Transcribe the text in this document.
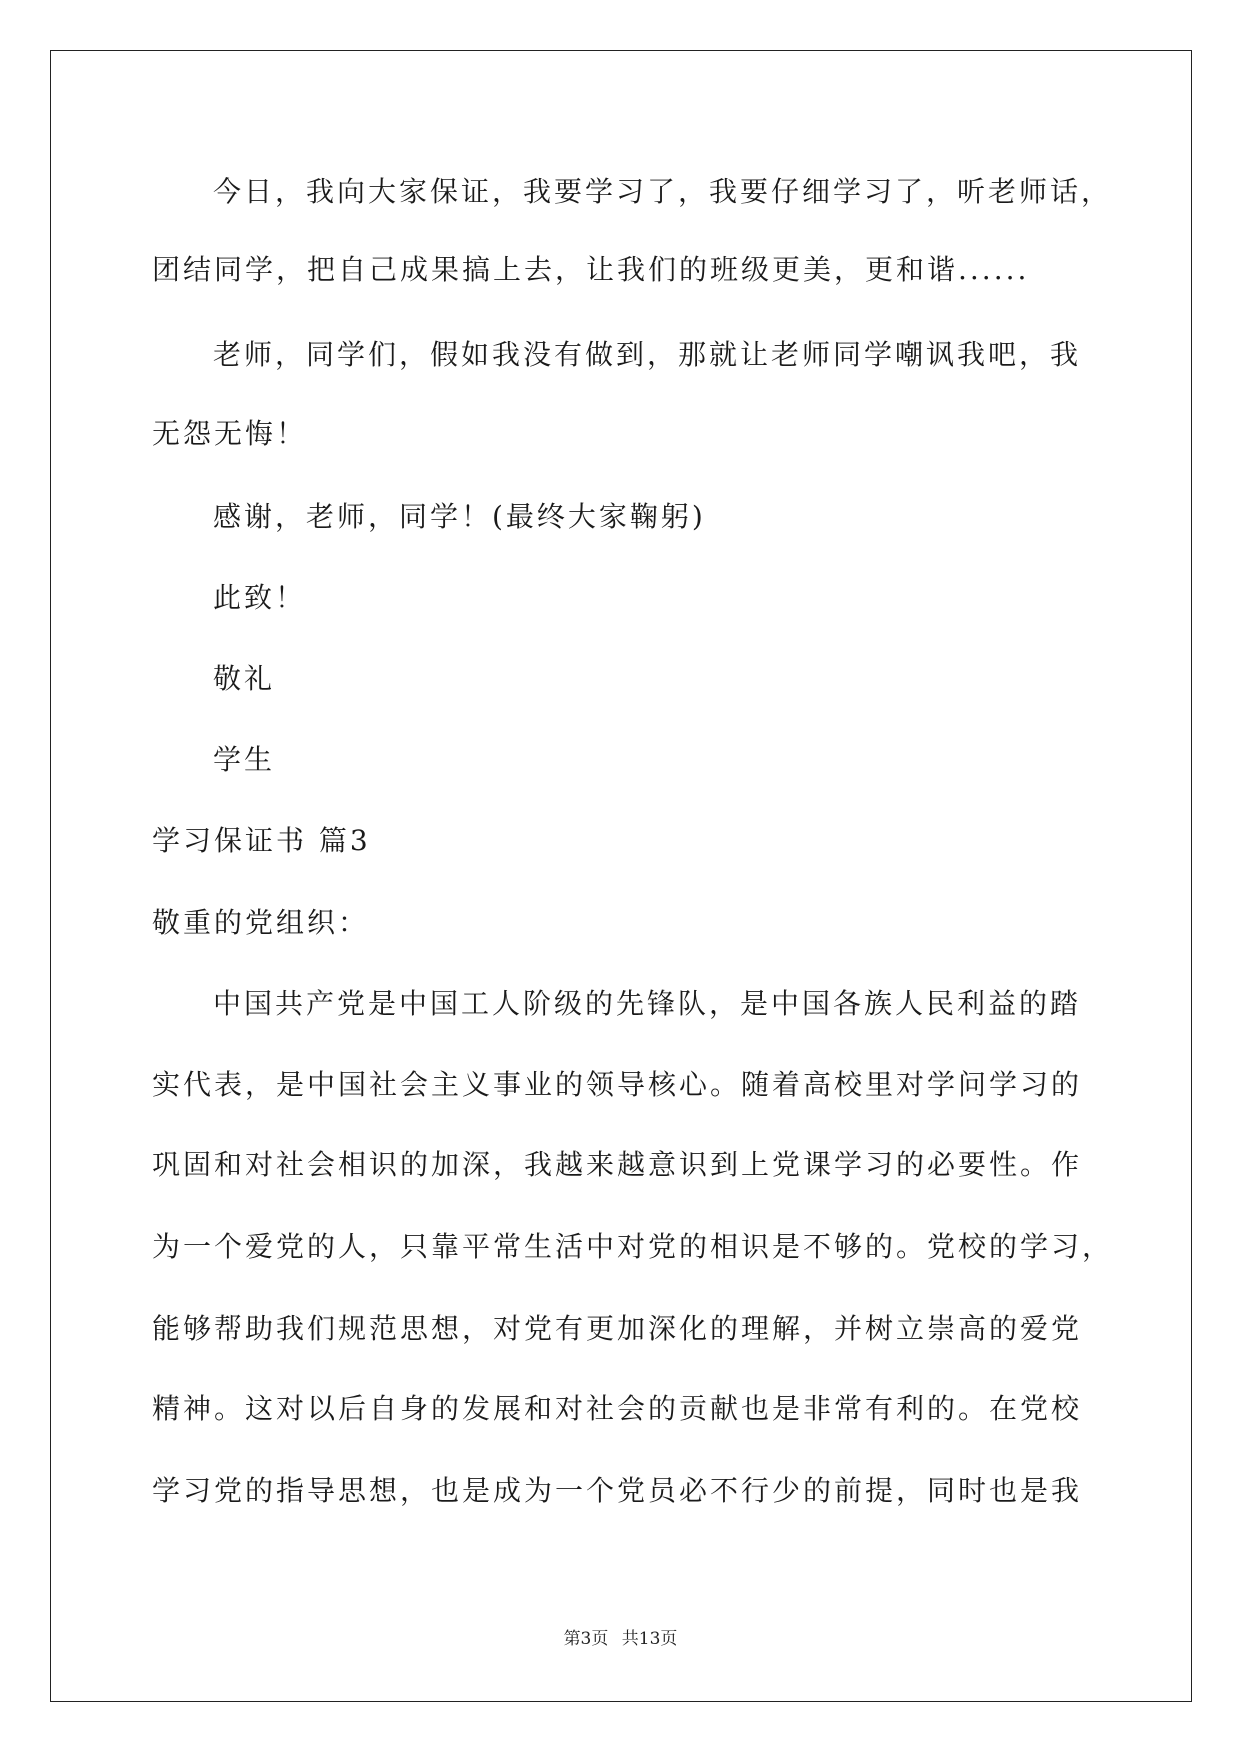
今日，我向大家保证，我要学习了，我要仔细学习了，听老师话，
团结同学，把自己成果搞上去，让我们的班级更美，更和谐......
老师，同学们，假如我没有做到，那就让老师同学嘲讽我吧，我
无怨无悔！
感谢，老师，同学！(最终大家鞠躬)
此致！
敬礼
学生
学习保证书 篇3
敬重的党组织：
中国共产党是中国工人阶级的先锋队，是中国各族人民利益的踏
实代表，是中国社会主义事业的领导核心。随着高校里对学问学习的
巩固和对社会相识的加深，我越来越意识到上党课学习的必要性。作
为一个爱党的人，只靠平常生活中对党的相识是不够的。党校的学习，
能够帮助我们规范思想，对党有更加深化的理解，并树立崇高的爱党
精神。这对以后自身的发展和对社会的贡献也是非常有利的。在党校
学习党的指导思想，也是成为一个党员必不行少的前提，同时也是我
第3页 共13页
